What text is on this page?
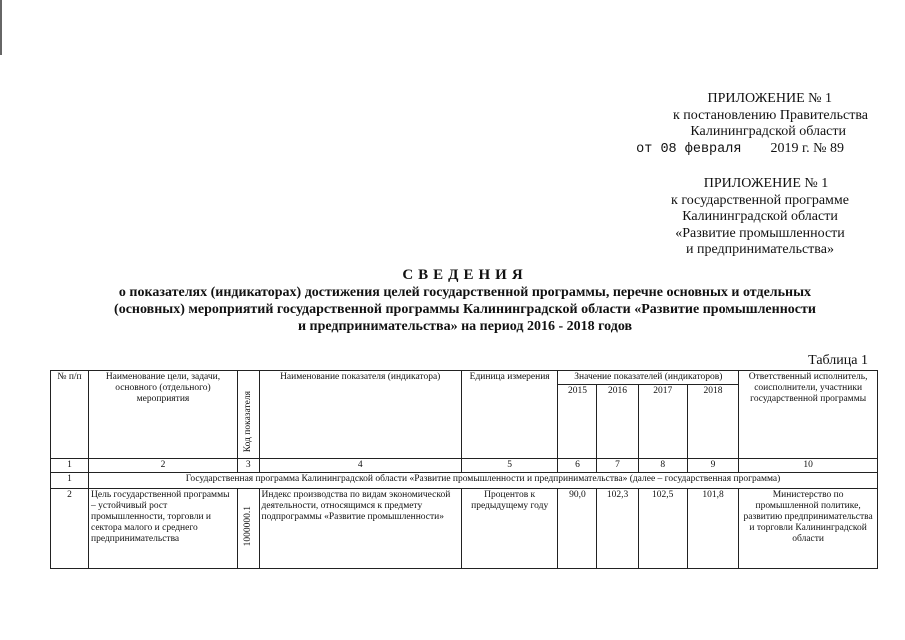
ПРИЛОЖЕНИЕ № 1
к постановлению Правительства
Калининградской области
от 08 февраля 2019 г. № 89
ПРИЛОЖЕНИЕ № 1
к государственной программе
Калининградской области
«Развитие промышленности
и предпринимательства»
СВЕДЕНИЯ
о показателях (индикаторах) достижения целей государственной программы, перечне основных и отдельных
(основных) мероприятий государственной программы Калининградской области «Развитие промышленности
и предпринимательства» на период 2016 - 2018 годов
Таблица 1
№ п/п	Наименование цели, задачи, основного (отдельного) мероприятия	Код показателя	Наименование показателя (индикатора)	Единица измерения	Значение показателей (индикаторов)				Ответственный исполнитель, соисполнители, участники государственной программы
					2015	2016	2017	2018	
1	2	3	4	5	6	7	8	9	10
1	Государственная программа Калининградской области «Развитие промышленности и предпринимательства» (далее – государственная программа)								
2	Цель государственной программы – устойчивый рост промышленности, торговли и сектора малого и среднего предпринимательства	1000000.1	Индекс производства по видам экономической деятельности, относящимся к предмету подпрограммы «Развитие промышленности»	Процентов к предыдущему году	90,0	102,3	102,5	101,8	Министерство по промышленной политике, развитию предпринимательства и торговли Калининградской области
